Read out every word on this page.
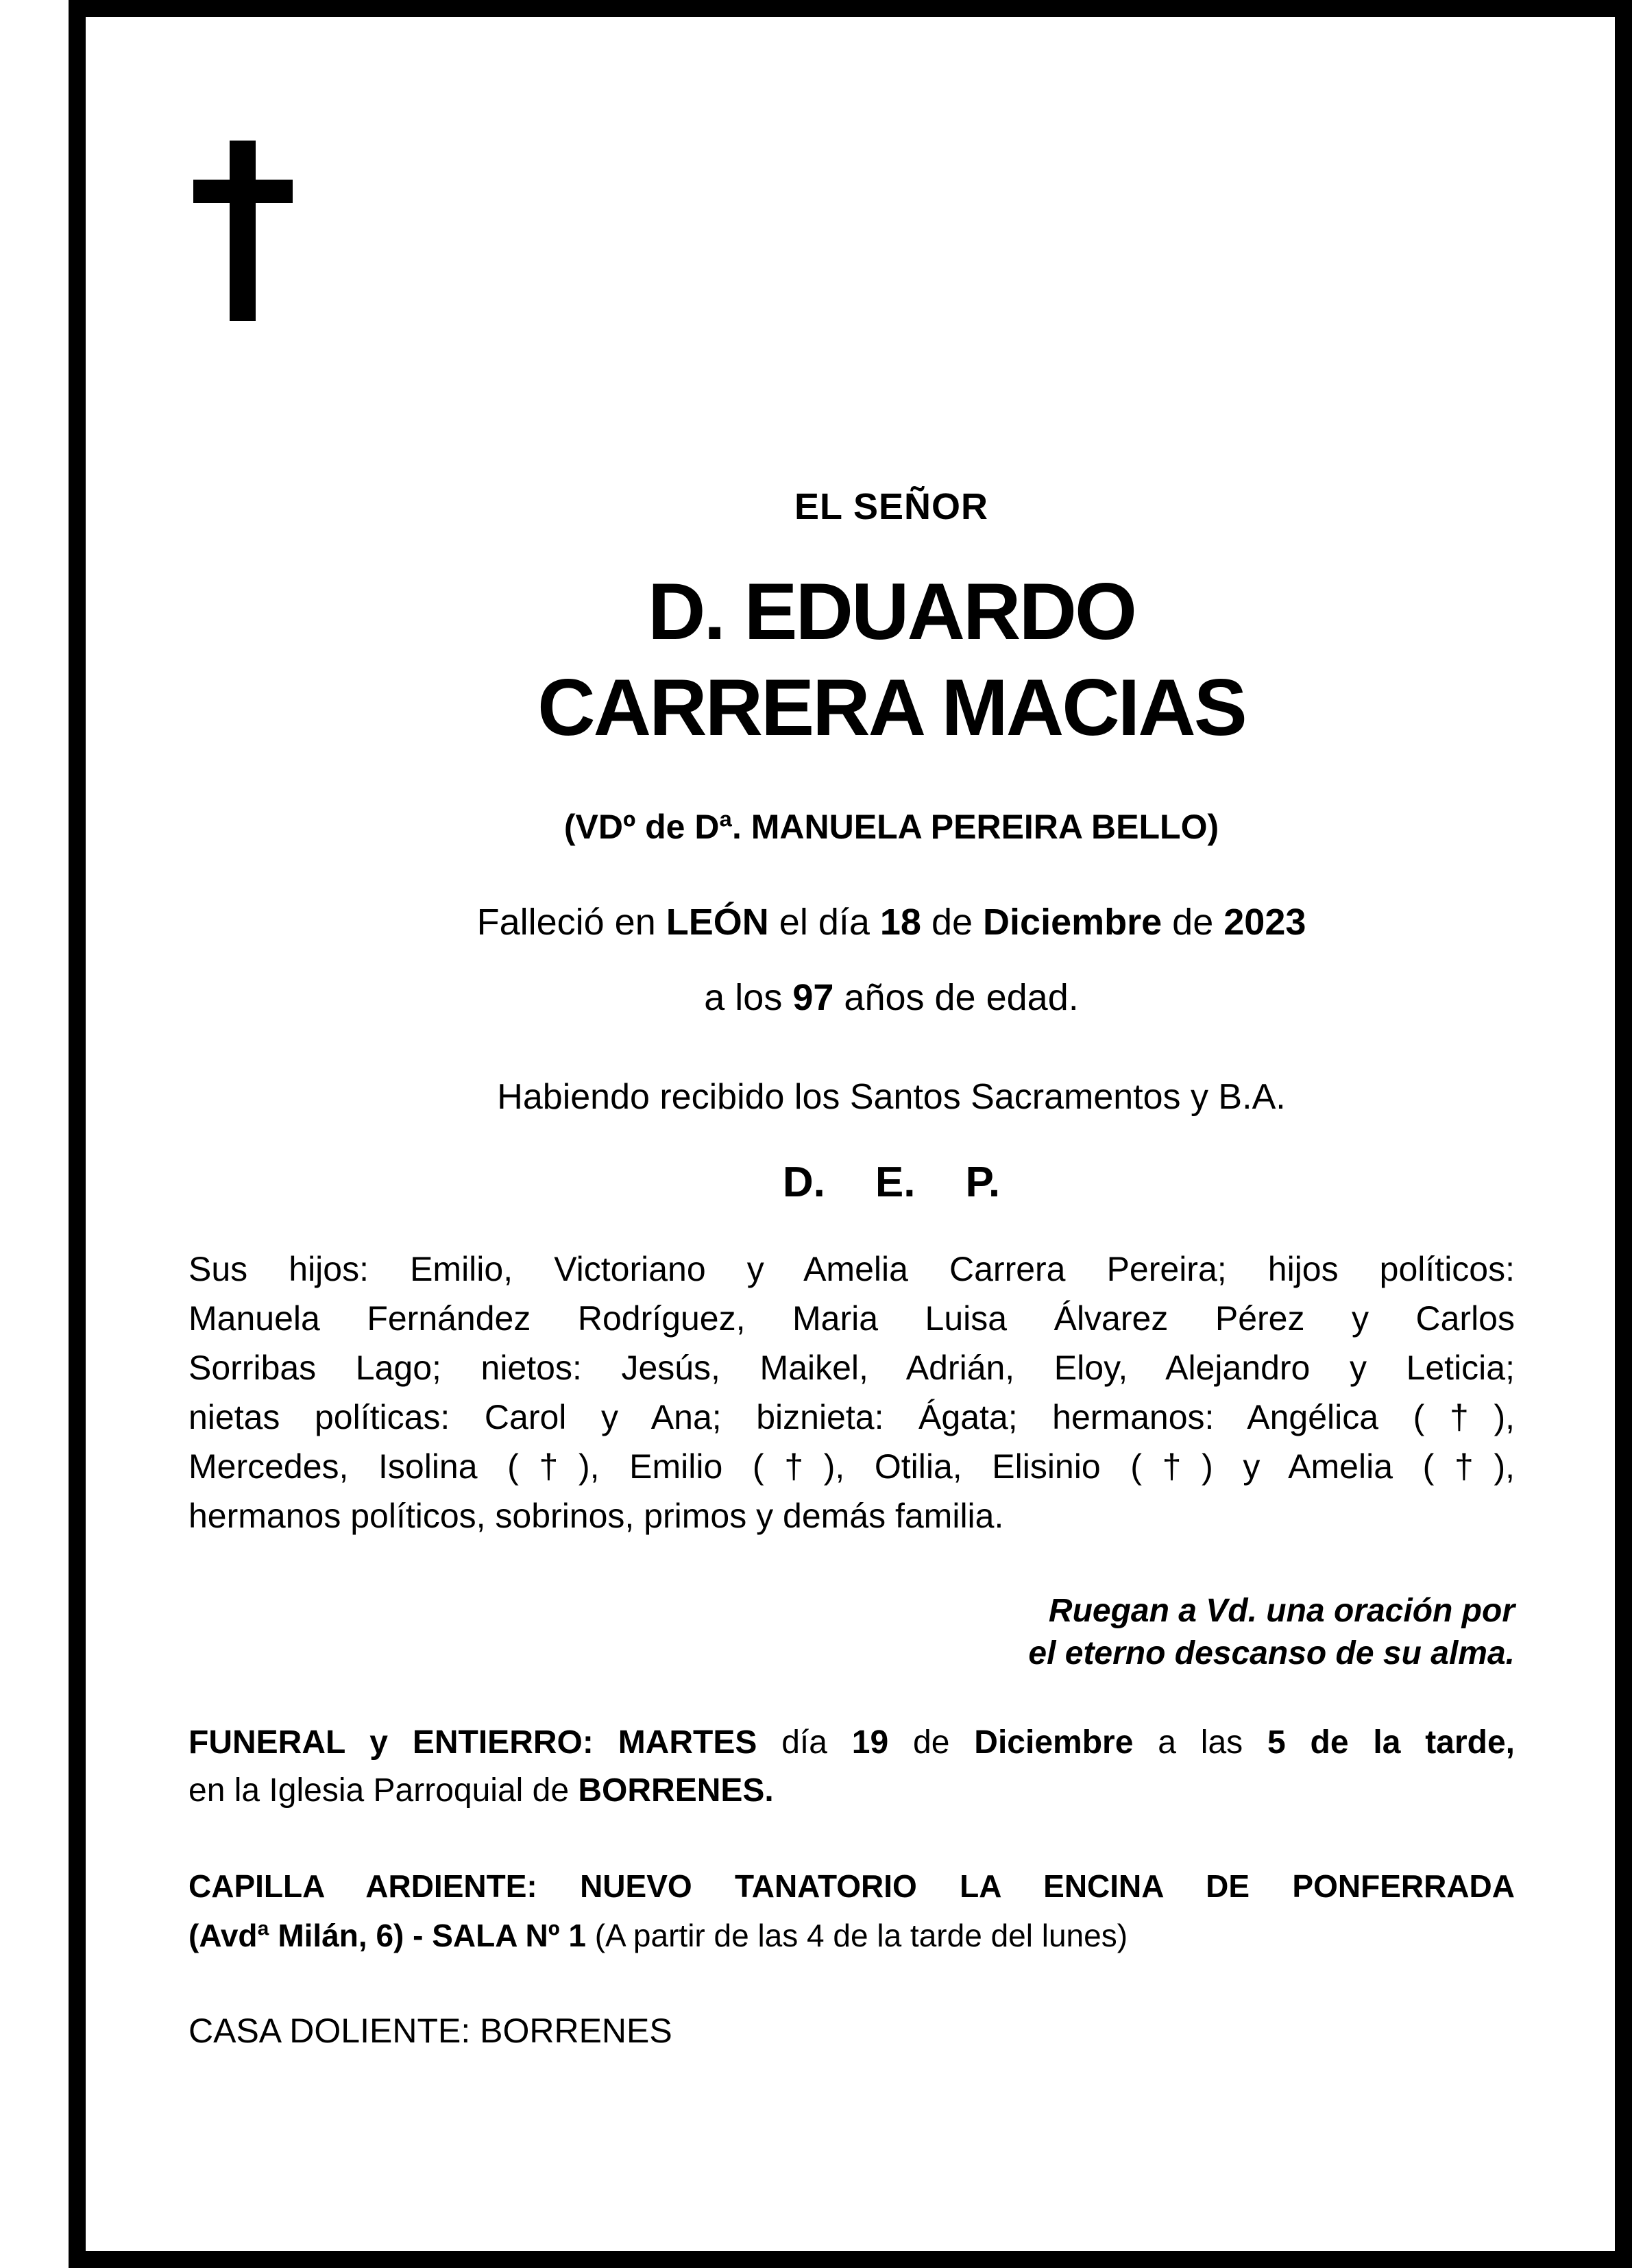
EL SEÑOR
D. EDUARDO
CARRERA MACIAS
(VDº de Dª. MANUELA PEREIRA BELLO)
Falleció en LEÓN el día 18 de Diciembre de 2023
a los 97 años de edad.
Habiendo recibido los Santos Sacramentos y B.A.
D. E. P.
Sus hijos: Emilio, Victoriano y Amelia Carrera Pereira; hijos políticos:
Manuela Fernández Rodríguez, Maria Luisa Álvarez Pérez y Carlos
Sorribas Lago; nietos: Jesús, Maikel, Adrián, Eloy, Alejandro y Leticia;
nietas políticas: Carol y Ana; biznieta: Ágata; hermanos: Angélica (†),
Mercedes, Isolina (†), Emilio (†), Otilia, Elisinio (†) y Amelia (†),
hermanos políticos, sobrinos, primos y demás familia.
Ruegan a Vd. una oración por
el eterno descanso de su alma.
FUNERAL y ENTIERRO: MARTES día 19 de Diciembre a las 5 de la tarde,
en la Iglesia Parroquial de BORRENES.
CAPILLA ARDIENTE: NUEVO TANATORIO LA ENCINA DE PONFERRADA
(Avdª Milán, 6) - SALA Nº 1 (A partir de las 4 de la tarde del lunes)
CASA DOLIENTE: BORRENES
